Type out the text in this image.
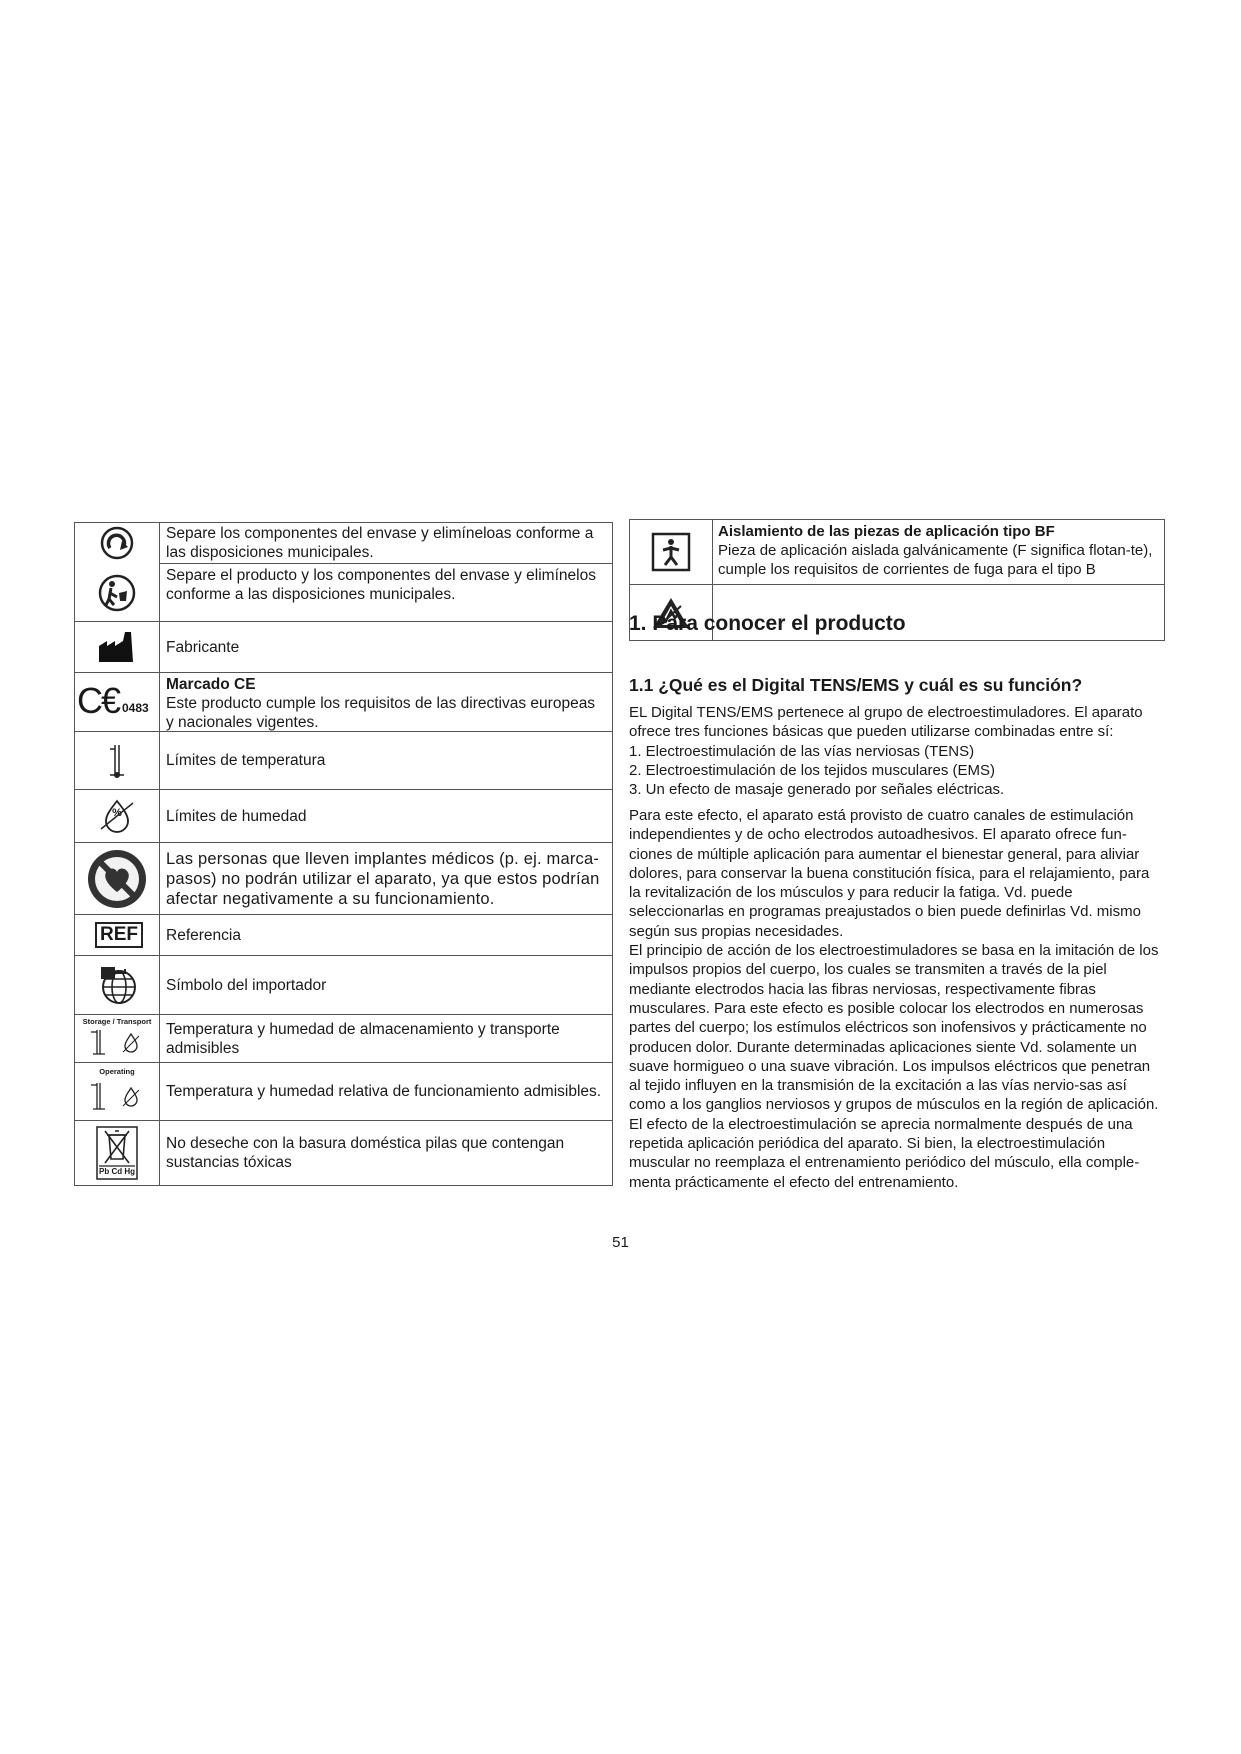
Separe los componentes del envase y elimíneloas conforme a las disposiciones municipales.
Separe el producto y los componentes del envase y elimínelos conforme a las disposiciones municipales.
Fabricante
C€ 0483
Marcado CE
Este producto cumple los requisitos de las directivas europeas y nacionales vigentes.
Límites de temperatura
%	Límites de humedad
Las personas que lleven implantes médicos (p. ej. marca-pasos) no podrán utilizar el aparato, ya que estos podrían afectar negativamente a su funcionamiento.
REF	Referencia
Símbolo del importador
Storage / Transport Temperatura y humedad de almacenamiento y transporte admisibles
Operating
Temperatura y humedad relativa de funcionamiento admisibles.
Pb Cd Hg
No deseche con la basura doméstica pilas que contengan sustancias tóxicas
Aislamiento de las piezas de aplicación tipo BF
Pieza de aplicación aislada galvánicamente (F significa flotan-te), cumple los requisitos de corrientes de fuga para el tipo B
1. Para conocer el producto
1.1 ¿Qué es el Digital TENS/EMS y cuál es su función?

EL Digital TENS/EMS pertenece al grupo de electroestimuladores. El aparato ofrece tres funciones básicas que pueden utilizarse combinadas entre sí:

1. Electroestimulación de las vías nerviosas (TENS)
2. Electroestimulación de los tejidos musculares (EMS)
3. Un efecto de masaje generado por señales eléctricas.

Para este efecto, el aparato está provisto de cuatro canales de estimulación independientes y de ocho electrodos autoadhesivos. El aparato ofrece fun-ciones de múltiple aplicación para aumentar el bienestar general, para aliviar dolores, para conservar la buena constitución física, para el relajamiento, para la revitalización de los músculos y para reducir la fatiga. Vd. puede seleccionarlas en programas preajustados o bien puede definirlas Vd. mismo según sus propias necesidades.

El principio de acción de los electroestimuladores se basa en la imitación de los impulsos propios del cuerpo, los cuales se transmiten a través de la piel mediante electrodos hacia las fibras nerviosas, respectivamente fibras musculares. Para este efecto es posible colocar los electrodos en numerosas partes del cuerpo; los estímulos eléctricos son inofensivos y prácticamente no producen dolor. Durante determinadas aplicaciones siente Vd. solamente un suave hormigueo o una suave vibración. Los impulsos eléctricos que penetran al tejido influyen en la transmisión de la excitación a las vías nervio-sas así como a los ganglios nerviosos y grupos de músculos en la región de aplicación.

El efecto de la electroestimulación se aprecia normalmente después de una repetida aplicación periódica del aparato. Si bien, la electroestimulación muscular no reemplaza el entrenamiento periódico del músculo, ella comple-menta prácticamente el efecto del entrenamiento.

51
